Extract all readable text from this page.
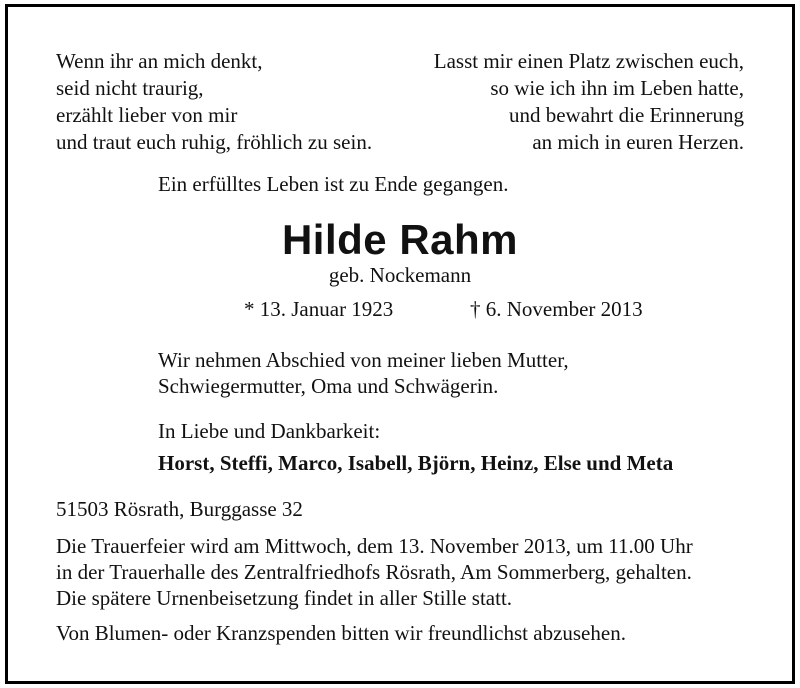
Wenn ihr an mich denkt,
seid nicht traurig,
erzählt lieber von mir
und traut euch ruhig, fröhlich zu sein.
Lasst mir einen Platz zwischen euch,
so wie ich ihn im Leben hatte,
und bewahrt die Erinnerung
an mich in euren Herzen.
Ein erfülltes Leben ist zu Ende gegangen.
Hilde Rahm
geb. Nockemann
* 13. Januar 1923	† 6. November 2013
Wir nehmen Abschied von meiner lieben Mutter,
Schwiegermutter, Oma und Schwägerin.
In Liebe und Dankbarkeit:
Horst, Steffi, Marco, Isabell, Björn, Heinz, Else und Meta
51503 Rösrath, Burggasse 32
Die Trauerfeier wird am Mittwoch, dem 13. November 2013, um 11.00 Uhr
in der Trauerhalle des Zentralfriedhofs Rösrath, Am Sommerberg, gehalten.
Die spätere Urnenbeisetzung findet in aller Stille statt.
Von Blumen- oder Kranzspenden bitten wir freundlichst abzusehen.
